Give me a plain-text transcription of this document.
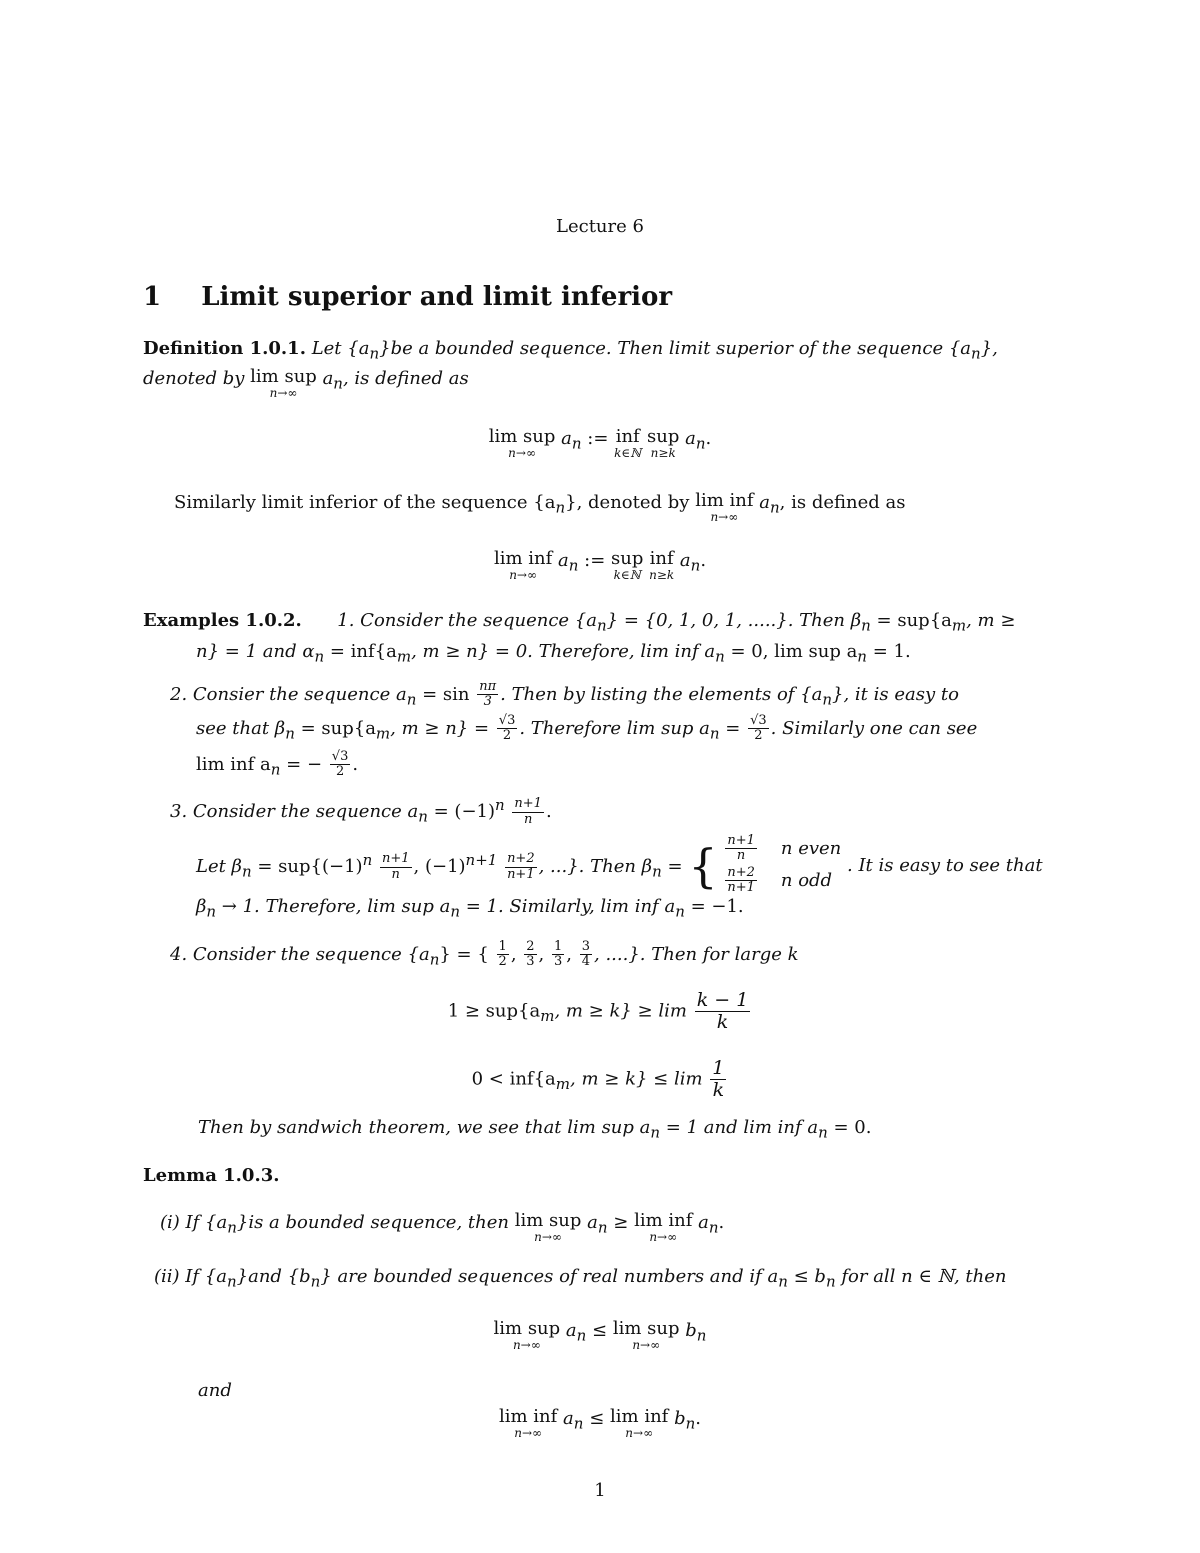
Lecture 6
1 Limit superior and limit inferior
Definition 1.0.1. Let $\{a_n\}be$ a bounded sequence. Then limit superior of the sequence $\{a_n\}$,
denoted by lim sup
n→∞
$a_n$, is defined as
lim sup
n→∞
$a_n$ := inf
k∈ℕ
sup
n≥k
$a_n$.
Similarly limit inferior of the sequence $\{a_n\}$, denoted by lim inf
n→∞
$a_n$, is defined as
lim inf
n→∞
$a_n$ := sup
k∈ℕ
inf
n≥k
$a_n$.
Examples 1.0.2. 1. Consider the sequence $\{a_n\} = \{0$, 1, 0, 1, .....}. Then $\beta_n = sup\{a_m$, m ≥
n} = 1 and $\alpha_n = inf\{a_m$, m ≥ n} = 0. Therefore, lim inf $a_n = 0$, lim sup $a_n = 1$.
2. Consier the sequence $a_n = \sin \frac{n\pi}{3}$ . Then by listing the elements of $\{a_n\}$, it is easy to
see that $\beta_n = sup\{a_m$, $m \ge n\} = \frac{√3}{2}$ . Therefore lim sup $a_n = \frac{√3}{2}$ . Similarly one can see
lim inf $a_n$ = − $\frac{√3}{2}$ .
3. Consider the sequence $a_n = (-1)^n \frac{n+1}{n}$ .
Let $\beta_n = sup\{(-1)^n \frac{n+1}{n}$ , $(-1)^{n+1} \frac{n+2}{n+1}$ , ...}. Then $\beta_n$ = { $\frac{n+1}{n}$ n even
$\frac{n+2}{n+1}$ n odd
. It is easy to see that
$\beta_n \to 1$. Therefore, lim sup $a_n = 1$. Similarly, lim inf $a_n = -1$.
4. Consider the sequence $\{a_n\}$ = { $\frac{1}{2}$ , $\frac{2}{3}$ , $\frac{1}{3}$ , $\frac{3}{4}$ , ....}. Then for large k
$1 \ge sup\{a_m$, $m \ge k\} \ge \lim \frac{k - 1}{k}$
$0 < inf\{a_m$, $m \ge k\} \le \lim \frac{1}{k}$
Then by sandwich theorem, we see that lim sup $a_n = 1$ and lim inf $a_n = 0$.
Lemma 1.0.3.
(i) If $\{a_n\}is$ a bounded sequence, then lim sup
n→∞
$a_n \ge \lim$ inf
n→∞
$a_n$.
(ii) If $\{a_n\}and$ $\{b_n\}$ are bounded sequences of real numbers and if $a_n \le b_n$ for all n ∈ ℕ, then
lim sup
n→∞
$a_n \le \lim$ sup
n→∞
$b_n$
and
lim inf
n→∞
$a_n \le \lim$ inf
n→∞
$b_n$.
1
